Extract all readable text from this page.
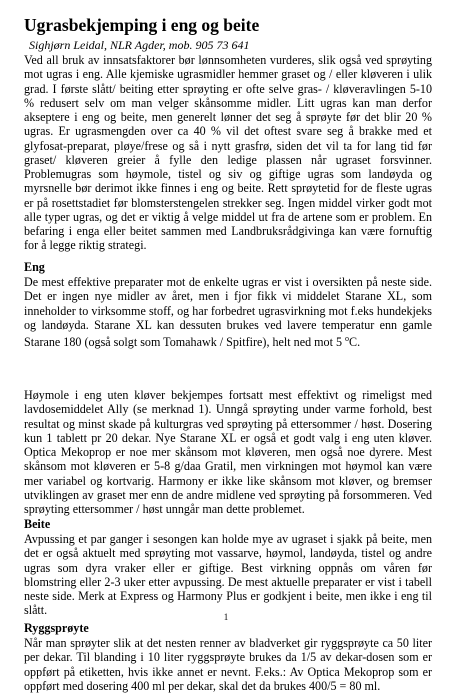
Ugrasbekjemping i eng og beite
Sighjørn Leidal, NLR Agder, mob. 905 73 641

Ved all bruk av innsatsfaktorer bør lønnsomheten vurderes, slik også ved sprøyting mot ugras i eng. Alle kjemiske ugrasmidler hemmer graset og / eller kløveren i ulik grad. I første slått/ beiting etter sprøyting er ofte selve gras- / kløveravlingen 5-10 % redusert selv om man velger skånsomme midler. Litt ugras kan man derfor akseptere i eng og beite, men generelt lønner det seg å sprøyte før det blir 20 % ugras. Er ugrasmengden over ca 40 % vil det oftest svare seg å brakke med et glyfosat-preparat, pløye/frese og så i nytt grasfrø, siden det vil ta for lang tid før graset/ kløveren greier å fylle den ledige plassen når ugraset forsvinner. Problemugras som høymole, tistel og siv og giftige ugras som landøyda og myrsnelle bør derimot ikke finnes i eng og beite. Rett sprøytetid for de fleste ugras er på rosettstadiet før blomsterstengelen strekker seg. Ingen middel virker godt mot alle typer ugras, og det er viktig å velge middel ut fra de artene som er problem. En befaring i enga eller beitet sammen med Landbruksrådgivinga kan være fornuftig for å legge riktig strategi.

Eng

De mest effektive preparater mot de enkelte ugras er vist i oversikten på neste side. Det er ingen nye midler av året, men i fjor fikk vi middelet Starane XL, som inneholder to virksomme stoff, og har forbedret ugrasvirkning mot f.eks hundekjeks og landøyda. Starane XL kan dessuten brukes ved lavere temperatur enn gamle Starane 180 (også solgt som Tomahawk / Spitfire), helt ned mot 5 $^o$C.

Høymole i eng uten kløver bekjempes fortsatt mest effektivt og rimeligst med lavdosemiddelet Ally (se merknad 1). Unngå sprøyting under varme forhold, best resultat og minst skade på kulturgras ved sprøyting på ettersommer / høst. Dosering kun 1 tablett pr 20 dekar. Nye Starane XL er også et godt valg i eng uten kløver. Optica Mekoprop er noe mer skånsom mot kløveren, men også noe dyrere. Mest skånsom mot kløveren er 5-8 g/daa Gratil, men virkningen mot høymol kan være mer variabel og kortvarig. Harmony er ikke like skånsom mot kløver, og bremser utviklingen av graset mer enn de andre midlene ved sprøyting på forsommeren. Ved sprøyting ettersommer / høst unngår man dette problemet.

Beite

Avpussing et par ganger i sesongen kan holde mye av ugraset i sjakk på beite, men det er også aktuelt med sprøyting mot vassarve, høymol, landøyda, tistel og andre ugras som dyra vraker eller er giftige. Best virkning oppnås om våren før blomstring eller 2-3 uker etter avpussing. De mest aktuelle preparater er vist i tabell neste side. Merk at Express og Harmony Plus er godkjent i beite, men ikke i eng til slått.

Ryggsprøyte

Når man sprøyter slik at det nesten renner av bladverket gir ryggsprøyte ca 50 liter per dekar. Til blanding i 10 liter ryggsprøyte brukes da 1/5 av dekar-dosen som er oppført på etiketten, hvis ikke annet er nevnt. F.eks.: Av Optica Mekoprop som er oppført med dosering 400 ml per dekar, skal det da brukes 400/5 = 80 ml.

1
